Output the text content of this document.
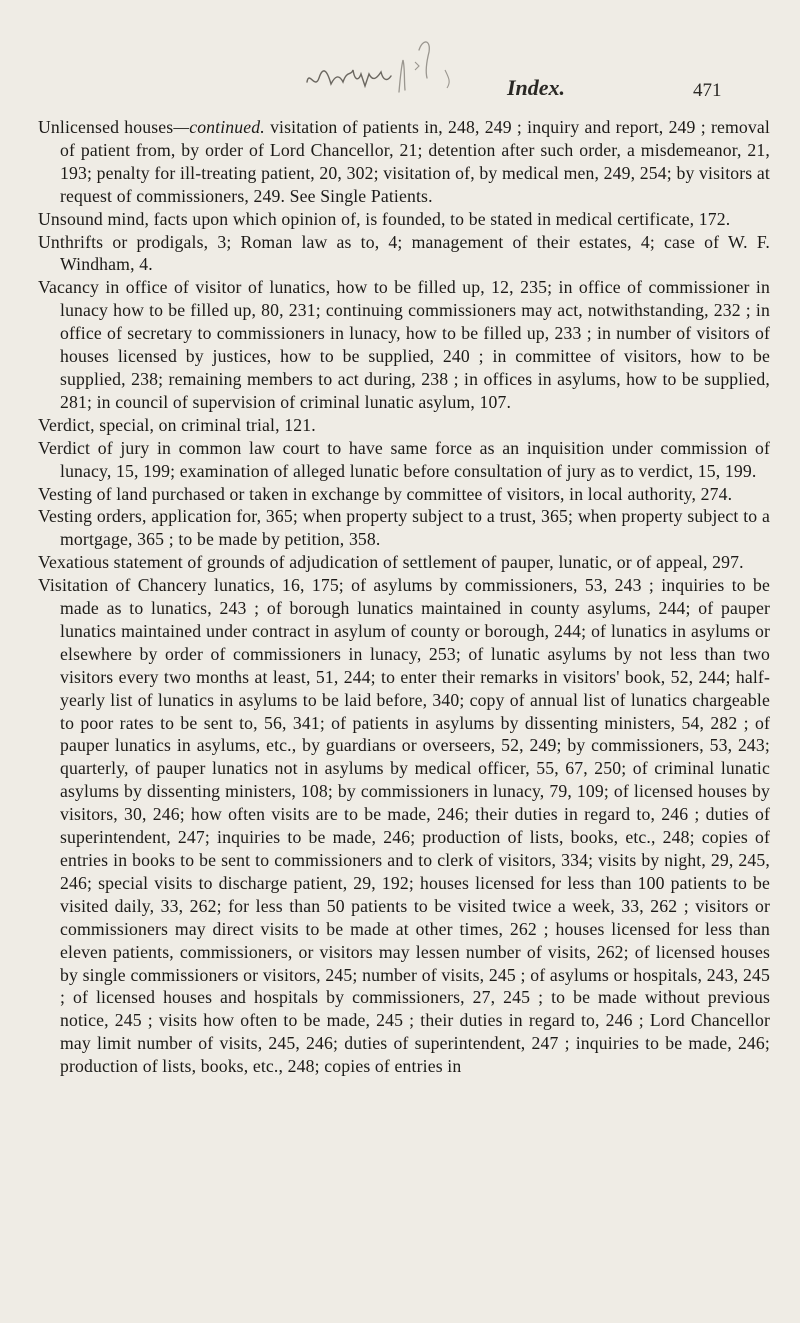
Index.	471

Unlicensed houses—continued. visitation of patients in, 248, 249 ; inquiry and report, 249 ; removal of patient from, by order of Lord Chancellor, 21; detention after such order, a misdemeanor, 21, 193; penalty for ill-treating patient, 20, 302; visitation of, by medical men, 249, 254; by visitors at request of commissioners, 249. See Single Patients.

Unsound mind, facts upon which opinion of, is founded, to be stated in medical certificate, 172.

Unthrifts or prodigals, 3; Roman law as to, 4; management of their estates, 4; case of W. F. Windham, 4.

Vacancy in office of visitor of lunatics, how to be filled up, 12, 235; in office of commissioner in lunacy how to be filled up, 80, 231; continuing commissioners may act, notwithstanding, 232 ; in office of secretary to commissioners in lunacy, how to be filled up, 233 ; in number of visitors of houses licensed by justices, how to be supplied, 240 ; in committee of visitors, how to be supplied, 238; remaining members to act during, 238 ; in offices in asylums, how to be supplied, 281; in council of supervision of criminal lunatic asylum, 107.

Verdict, special, on criminal trial, 121.

Verdict of jury in common law court to have same force as an inquisition under commission of lunacy, 15, 199; examination of alleged lunatic before consultation of jury as to verdict, 15, 199.

Vesting of land purchased or taken in exchange by committee of visitors, in local authority, 274.

Vesting orders, application for, 365; when property subject to a trust, 365; when property subject to a mortgage, 365 ; to be made by petition, 358.

Vexatious statement of grounds of adjudication of settlement of pauper, lunatic, or of appeal, 297.

Visitation of Chancery lunatics, 16, 175; of asylums by commissioners, 53, 243 ; inquiries to be made as to lunatics, 243 ; of borough lunatics maintained in county asylums, 244; of pauper lunatics maintained under contract in asylum of county or borough, 244; of lunatics in asylums or elsewhere by order of commissioners in lunacy, 253; of lunatic asylums by not less than two visitors every two months at least, 51, 244; to enter their remarks in visitors' book, 52, 244; half-yearly list of lunatics in asylums to be laid before, 340; copy of annual list of lunatics chargeable to poor rates to be sent to, 56, 341; of patients in asylums by dissenting ministers, 54, 282 ; of pauper lunatics in asylums, etc., by guardians or overseers, 52, 249; by commissioners, 53, 243; quarterly, of pauper lunatics not in asylums by medical officer, 55, 67, 250; of criminal lunatic asylums by dissenting ministers, 108; by commissioners in lunacy, 79, 109; of licensed houses by visitors, 30, 246; how often visits are to be made, 246; their duties in regard to, 246 ; duties of superintendent, 247; inquiries to be made, 246; production of lists, books, etc., 248; copies of entries in books to be sent to commissioners and to clerk of visitors, 334; visits by night, 29, 245, 246; special visits to discharge patient, 29, 192; houses licensed for less than 100 patients to be visited daily, 33, 262; for less than 50 patients to be visited twice a week, 33, 262 ; visitors or commissioners may direct visits to be made at other times, 262 ; houses licensed for less than eleven patients, commissioners, or visitors may lessen number of visits, 262; of licensed houses by single commissioners or visitors, 245; number of visits, 245 ; of asylums or hospitals, 243, 245 ; of licensed houses and hospitals by commissioners, 27, 245 ; to be made without previous notice, 245 ; visits how often to be made, 245 ; their duties in regard to, 246 ; Lord Chancellor may limit number of visits, 245, 246; duties of superintendent, 247 ; inquiries to be made, 246; production of lists, books, etc., 248; copies of entries in
